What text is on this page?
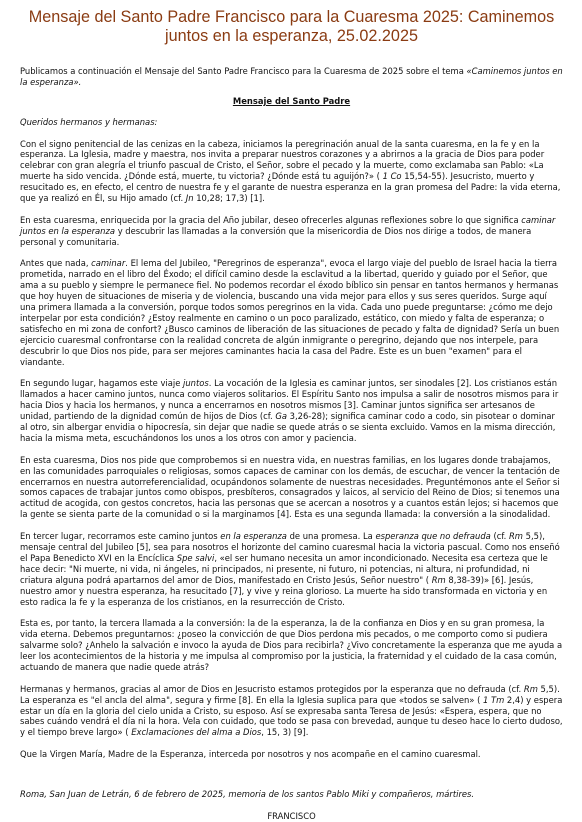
Mensaje del Santo Padre Francisco para la Cuaresma 2025: Caminemos juntos en la esperanza, 25.02.2025

Publicamos a continuación el Mensaje del Santo Padre Francisco para la Cuaresma de 2025 sobre el tema «Caminemos juntos en la esperanza».

Mensaje del Santo Padre

Queridos hermanos y hermanas:

Con el signo penitencial de las cenizas en la cabeza, iniciamos la peregrinación anual de la santa cuaresma, en la fe y en la esperanza. La Iglesia, madre y maestra, nos invita a preparar nuestros corazones y a abrirnos a la gracia de Dios para poder celebrar con gran alegría el triunfo pascual de Cristo, el Señor, sobre el pecado y la muerte, como exclamaba san Pablo: «La muerte ha sido vencida. ¿Dónde está, muerte, tu victoria? ¿Dónde está tu aguijón?» ( 1 Co 15,54-55). Jesucristo, muerto y resucitado es, en efecto, el centro de nuestra fe y el garante de nuestra esperanza en la gran promesa del Padre: la vida eterna, que ya realizó en Él, su Hijo amado (cf. Jn 10,28; 17,3) [1].

En esta cuaresma, enriquecida por la gracia del Año jubilar, deseo ofrecerles algunas reflexiones sobre lo que significa caminar juntos en la esperanza y descubrir las llamadas a la conversión que la misericordia de Dios nos dirige a todos, de manera personal y comunitaria.

Antes que nada, caminar. El lema del Jubileo, "Peregrinos de esperanza", evoca el largo viaje del pueblo de Israel hacia la tierra prometida, narrado en el libro del Éxodo; el difícil camino desde la esclavitud a la libertad, querido y guiado por el Señor, que ama a su pueblo y siempre le permanece fiel. No podemos recordar el éxodo bíblico sin pensar en tantos hermanos y hermanas que hoy huyen de situaciones de miseria y de violencia, buscando una vida mejor para ellos y sus seres queridos. Surge aquí una primera llamada a la conversión, porque todos somos peregrinos en la vida. Cada uno puede preguntarse: ¿cómo me dejo interpelar por esta condición? ¿Estoy realmente en camino o un poco paralizado, estático, con miedo y falta de esperanza; o satisfecho en mi zona de confort? ¿Busco caminos de liberación de las situaciones de pecado y falta de dignidad? Sería un buen ejercicio cuaresmal confrontarse con la realidad concreta de algún inmigrante o peregrino, dejando que nos interpele, para descubrir lo que Dios nos pide, para ser mejores caminantes hacia la casa del Padre. Este es un buen "examen" para el viandante.

En segundo lugar, hagamos este viaje juntos. La vocación de la Iglesia es caminar juntos, ser sinodales [2]. Los cristianos están llamados a hacer camino juntos, nunca como viajeros solitarios. El Espíritu Santo nos impulsa a salir de nosotros mismos para ir hacia Dios y hacia los hermanos, y nunca a encerrarnos en nosotros mismos [3]. Caminar juntos significa ser artesanos de unidad, partiendo de la dignidad común de hijos de Dios (cf. Ga 3,26-28); significa caminar codo a codo, sin pisotear o dominar al otro, sin albergar envidia o hipocresía, sin dejar que nadie se quede atrás o se sienta excluido. Vamos en la misma dirección, hacia la misma meta, escuchándonos los unos a los otros con amor y paciencia.

En esta cuaresma, Dios nos pide que comprobemos si en nuestra vida, en nuestras familias, en los lugares donde trabajamos, en las comunidades parroquiales o religiosas, somos capaces de caminar con los demás, de escuchar, de vencer la tentación de encerrarnos en nuestra autorreferencialidad, ocupándonos solamente de nuestras necesidades. Preguntémonos ante el Señor si somos capaces de trabajar juntos como obispos, presbíteros, consagrados y laicos, al servicio del Reino de Dios; si tenemos una actitud de acogida, con gestos concretos, hacia las personas que se acercan a nosotros y a cuantos están lejos; si hacemos que la gente se sienta parte de la comunidad o si la marginamos [4]. Esta es una segunda llamada: la conversión a la sinodalidad.

En tercer lugar, recorramos este camino juntos en la esperanza de una promesa. La esperanza que no defrauda (cf. Rm 5,5), mensaje central del Jubileo [5], sea para nosotros el horizonte del camino cuaresmal hacia la victoria pascual. Como nos enseñó el Papa Benedicto XVI en la Encíclica Spe salvi, «el ser humano necesita un amor incondicionado. Necesita esa certeza que le hace decir: "Ni muerte, ni vida, ni ángeles, ni principados, ni presente, ni futuro, ni potencias, ni altura, ni profundidad, ni criatura alguna podrá apartarnos del amor de Dios, manifestado en Cristo Jesús, Señor nuestro" ( Rm 8,38-39)» [6]. Jesús, nuestro amor y nuestra esperanza, ha resucitado [7], y vive y reina glorioso. La muerte ha sido transformada en victoria y en esto radica la fe y la esperanza de los cristianos, en la resurrección de Cristo.

Esta es, por tanto, la tercera llamada a la conversión: la de la esperanza, la de la confianza en Dios y en su gran promesa, la vida eterna. Debemos preguntarnos: ¿poseo la convicción de que Dios perdona mis pecados, o me comporto como si pudiera salvarme solo? ¿Anhelo la salvación e invoco la ayuda de Dios para recibirla? ¿Vivo concretamente la esperanza que me ayuda a leer los acontecimientos de la historia y me impulsa al compromiso por la justicia, la fraternidad y el cuidado de la casa común, actuando de manera que nadie quede atrás?

Hermanas y hermanos, gracias al amor de Dios en Jesucristo estamos protegidos por la esperanza que no defrauda (cf. Rm 5,5). La esperanza es "el ancla del alma", segura y firme [8]. En ella la Iglesia suplica para que «todos se salven» ( 1 Tm 2,4) y espera estar un día en la gloria del cielo unida a Cristo, su esposo. Así se expresaba santa Teresa de Jesús: «Espera, espera, que no sabes cuándo vendrá el día ni la hora. Vela con cuidado, que todo se pasa con brevedad, aunque tu deseo hace lo cierto dudoso, y el tiempo breve largo» ( Exclamaciones del alma a Dios, 15, 3) [9].

Que la Virgen María, Madre de la Esperanza, interceda por nosotros y nos acompañe en el camino cuaresmal.

Roma, San Juan de Letrán, 6 de febrero de 2025, memoria de los santos Pablo Miki y compañeros, mártires.

FRANCISCO
